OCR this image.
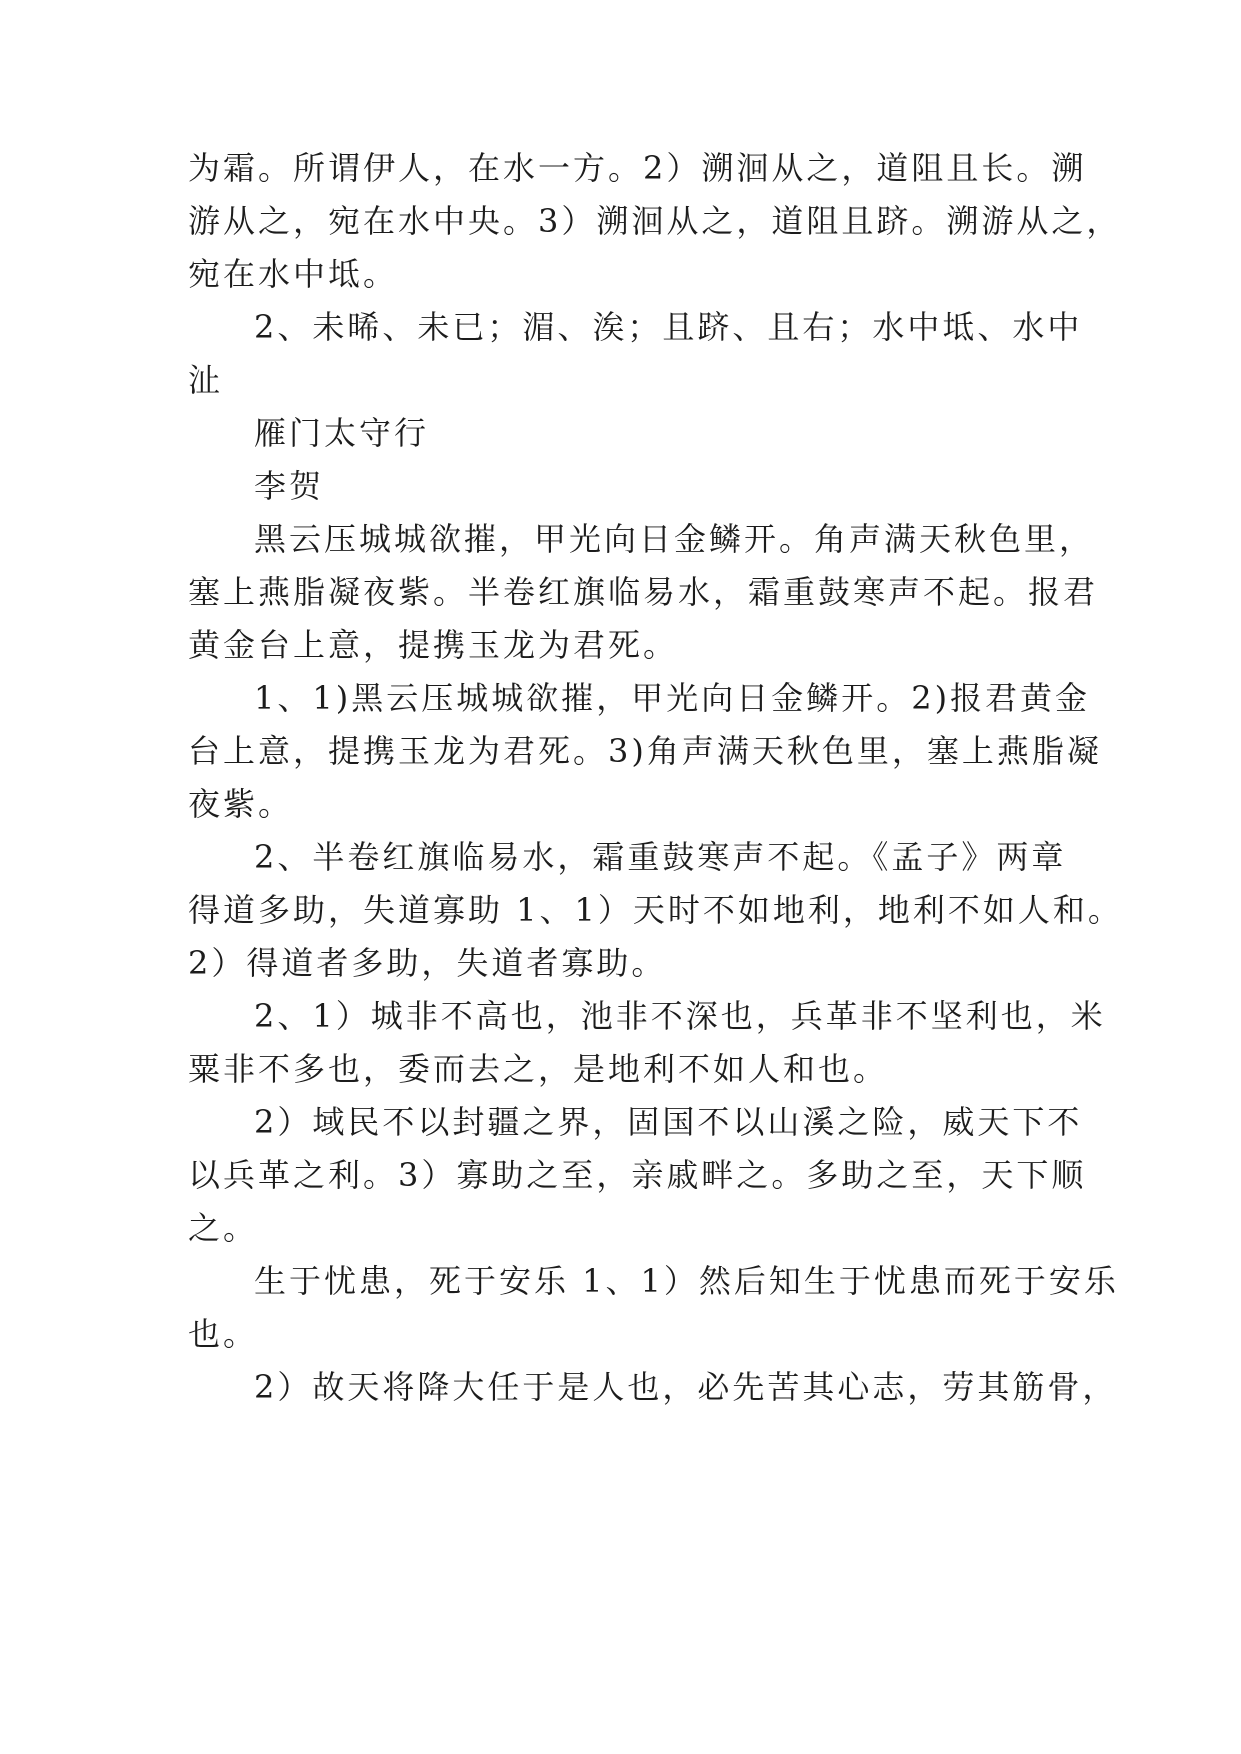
为霜。所谓伊人，在水一方。2）溯洄从之，道阻且长。溯
游从之，宛在水中央。3）溯洄从之，道阻且跻。溯游从之，
宛在水中坻。
2、未晞、未已；湄、涘；且跻、且右；水中坻、水中
沚
雁门太守行
李贺
黑云压城城欲摧，甲光向日金鳞开。角声满天秋色里，
塞上燕脂凝夜紫。半卷红旗临易水，霜重鼓寒声不起。报君
黄金台上意，提携玉龙为君死。
1、1)黑云压城城欲摧，甲光向日金鳞开。2)报君黄金
台上意，提携玉龙为君死。3)角声满天秋色里，塞上燕脂凝
夜紫。
2、半卷红旗临易水，霜重鼓寒声不起。《孟子》两章
得道多助，失道寡助 1、1）天时不如地利，地利不如人和。
2）得道者多助，失道者寡助。
2、1）城非不高也，池非不深也，兵革非不坚利也，米
粟非不多也，委而去之，是地利不如人和也。
2）域民不以封疆之界，固国不以山溪之险，威天下不
以兵革之利。3）寡助之至，亲戚畔之。多助之至，天下顺
之。
生于忧患，死于安乐 1、1）然后知生于忧患而死于安乐
也。
2）故天将降大任于是人也，必先苦其心志，劳其筋骨，
